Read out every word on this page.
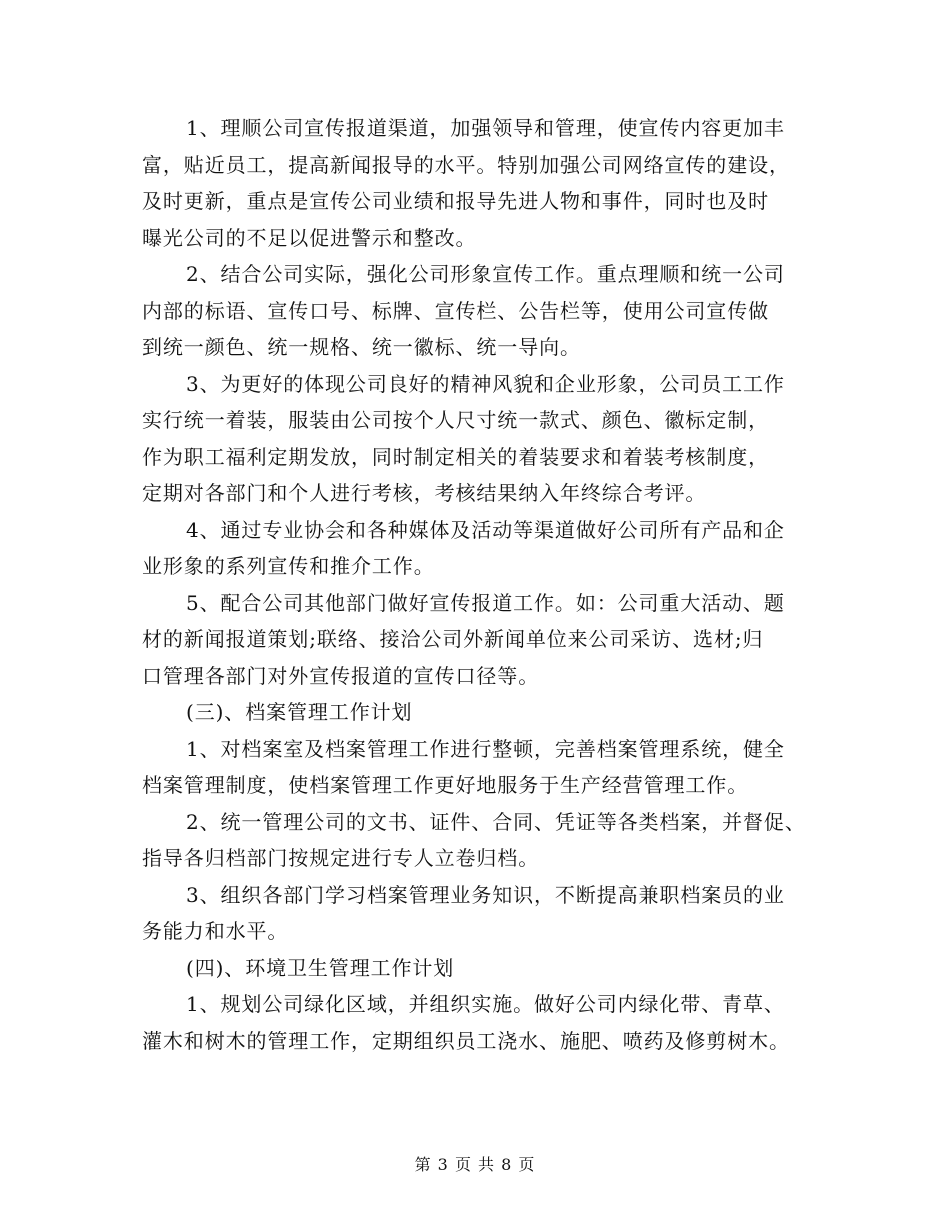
1、理顺公司宣传报道渠道，加强领导和管理，使宣传内容更加丰
富，贴近员工，提高新闻报导的水平。特别加强公司网络宣传的建设，
及时更新，重点是宣传公司业绩和报导先进人物和事件，同时也及时
曝光公司的不足以促进警示和整改。
2、结合公司实际，强化公司形象宣传工作。重点理顺和统一公司
内部的标语、宣传口号、标牌、宣传栏、公告栏等，使用公司宣传做
到统一颜色、统一规格、统一徽标、统一导向。
3、为更好的体现公司良好的精神风貌和企业形象，公司员工工作
实行统一着装，服装由公司按个人尺寸统一款式、颜色、徽标定制，
作为职工福利定期发放，同时制定相关的着装要求和着装考核制度，
定期对各部门和个人进行考核，考核结果纳入年终综合考评。
4、通过专业协会和各种媒体及活动等渠道做好公司所有产品和企
业形象的系列宣传和推介工作。
5、配合公司其他部门做好宣传报道工作。如：公司重大活动、题
材的新闻报道策划;联络、接洽公司外新闻单位来公司采访、选材;归
口管理各部门对外宣传报道的宣传口径等。
(三)、档案管理工作计划
1、对档案室及档案管理工作进行整顿，完善档案管理系统，健全
档案管理制度，使档案管理工作更好地服务于生产经营管理工作。
2、统一管理公司的文书、证件、合同、凭证等各类档案，并督促、
指导各归档部门按规定进行专人立卷归档。
3、组织各部门学习档案管理业务知识，不断提高兼职档案员的业
务能力和水平。
(四)、环境卫生管理工作计划
1、规划公司绿化区域，并组织实施。做好公司内绿化带、青草、
灌木和树木的管理工作，定期组织员工浇水、施肥、喷药及修剪树木。
第 3 页 共 8 页
